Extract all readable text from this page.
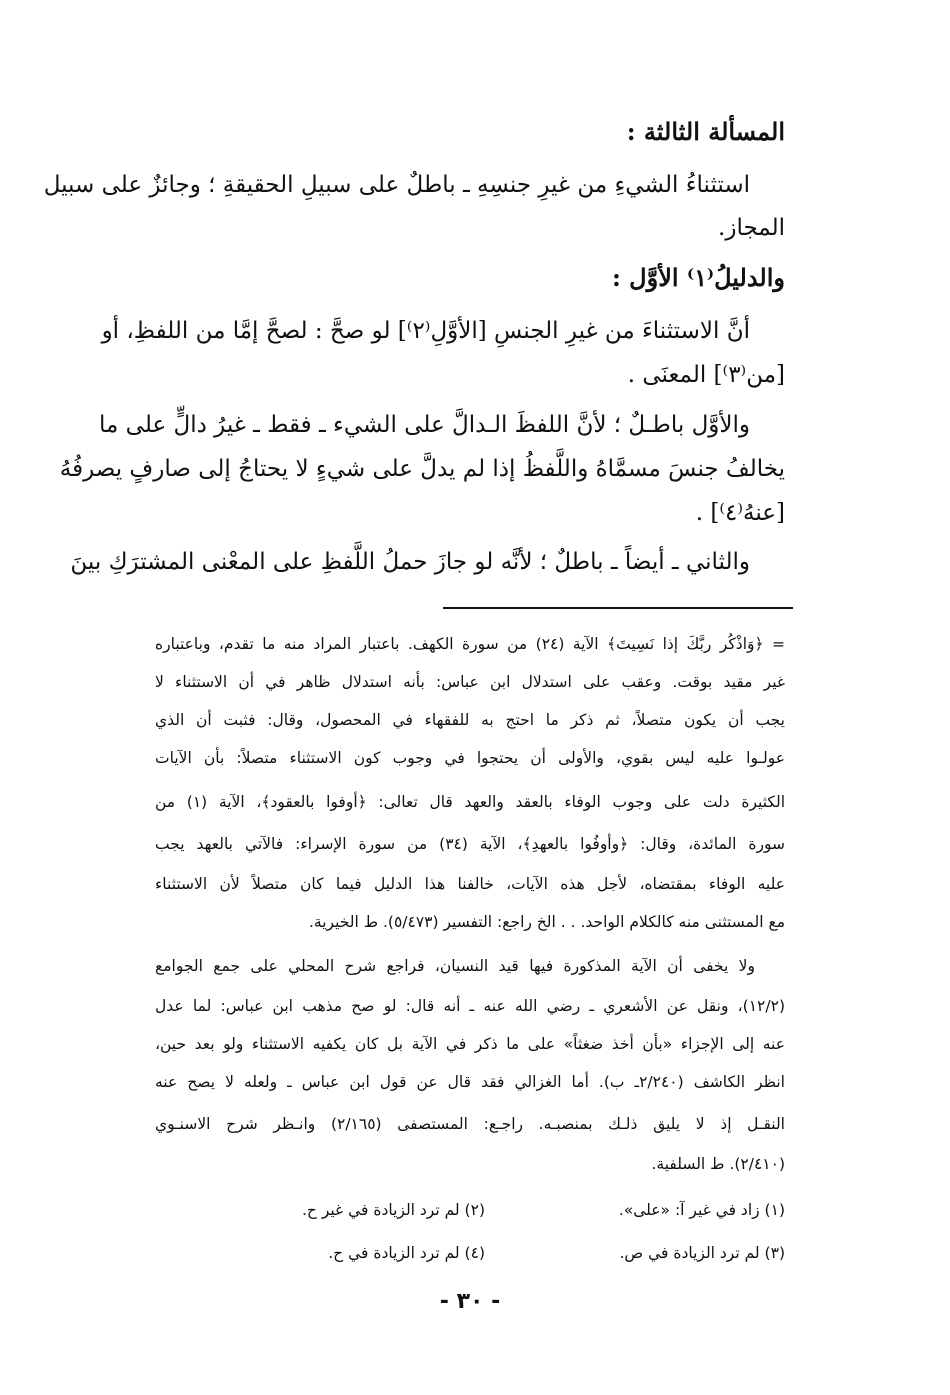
المسألة الثالثة :
استثناءُ الشيءِ من غيرِ جنسِهِ ـ باطلٌ على سبيلِ الحقيقةِ ؛ وجائزٌ على سبيل
المجاز.
والدليلُ⁽١⁾ الأوَّل :
أنَّ الاستثناءَ من غيرِ الجنسِ [الأوَّلِ⁽٢⁾] لو صحَّ : لصحَّ إمَّا من اللفظِ، أو
[من⁽٣⁾] المعنَى .
والأوَّل باطـلٌ ؛ لأنَّ اللفظَ الـدالَّ على الشيء ـ فقط ـ غيرُ دالٍّ على ما
يخالفُ جنسَ مسمَّاهُ واللَّفظُ إذا لم يدلَّ على شيءٍ لا يحتاجُ إلى صارفٍ يصرفُهُ
[عنهُ⁽٤⁾] .
والثاني ـ أيضاً ـ باطلٌ ؛ لأنَّه لو جازَ حملُ اللَّفظِ على المعْنى المشترَكِ بينَ
= ﴿وَاذْكُر ربَّكَ إذا نَسِيتَ﴾ الآية (٢٤) من سورة الكهف. باعتبار المراد منه ما تقدم، وباعتباره
غير مقيد بوقت. وعقب على استدلال ابن عباس: بأنه استدلال ظاهر في أن الاستثناء لا
يجب أن يكون متصلاً، ثم ذكر ما احتج به للفقهاء في المحصول، وقال: فثبت أن الذي
عولـوا عليه ليس بقوي، والأولى أن يحتجوا في وجوب كون الاستثناء متصلاً: بأن الآيات
الكثيرة دلت على وجوب الوفاء بالعقد والعهد قال تعالى: ﴿أوفوا بالعقود﴾، الآية (١) من
سورة المائدة، وقال: ﴿وأوفُوا بالعهدِ﴾، الآية (٣٤) من سورة الإسراء: فالآتي بالعهد يجب
عليه الوفاء بمقتضاه، لأجل هذه الآيات، خالفنا هذا الدليل فيما كان متصلاً لأن الاستثناء
مع المستثنى منه كالكلام الواحد. . . الخ راجع: التفسير (٥/٤٧٣). ط الخيرية.
ولا يخفى أن الآية المذكورة فيها قيد النسيان، فراجع شرح المحلي على جمع الجوامع
(١٢/٢)، ونقل عن الأشعري ـ رضي الله عنه ـ أنه قال: لو صح مذهب ابن عباس: لما عدل
عنه إلى الإجزاء «بأن أخذ ضغثاً» على ما ذكر في الآية بل كان يكفيه الاستثناء ولو بعد حين،
انظر الكاشف (٢/٢٤٠ـ ب). أما الغزالي فقد قال عن قول ابن عباس ـ ولعله لا يصح عنه
النقـل إذ لا يليق ذلـك بمنصبـه. راجـع: المستصفى (٢/١٦٥) وانـظر شرح الاسنـوي
(٢/٤١٠). ط السلفية.
(١) زاد في غير آ: «على».
(٢) لم ترد الزيادة في غير ح.
(٣) لم ترد الزيادة في ص.
(٤) لم ترد الزيادة في ح.
- ٣٠ -
